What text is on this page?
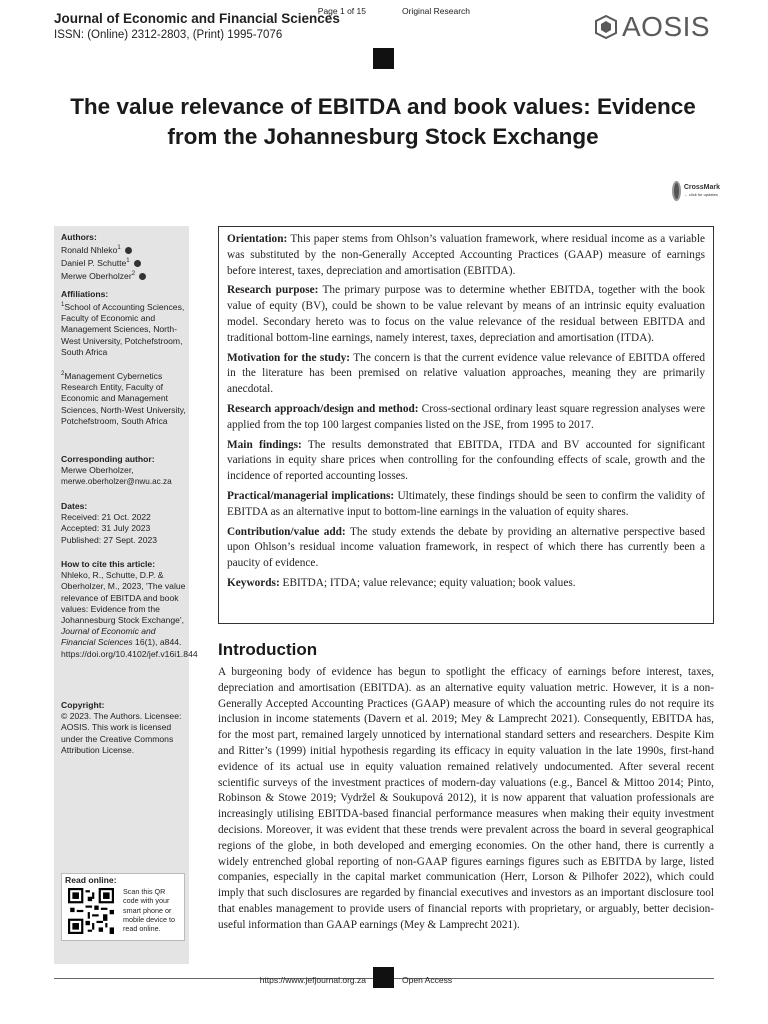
Journal of Economic and Financial Sciences
ISSN: (Online) 2312-2803, (Print) 1995-7076	AOSIS
Page 1 of 15	Original Research
The value relevance of EBITDA and book values: Evidence from the Johannesburg Stock Exchange
CrossMark
← click for updates
Authors:
Ronald Nhleko$^1$
Daniel P. Schutte$^1$
Merwe Oberholzer$^2$
Affiliations:
$^1$School of Accounting Sciences, Faculty of Economic and Management Sciences, North-West University, Potchefstroom, South Africa
$^2$Management Cybernetics Research Entity, Faculty of Economic and Management Sciences, North-West University, Potchefstroom, South Africa
Corresponding author:
Merwe Oberholzer,
merwe.oberholzer@nwu.ac.za
Dates:
Received: 21 Oct. 2022
Accepted: 31 July 2023
Published: 27 Sept. 2023
How to cite this article:
Nhleko, R., Schutte, D.P. & Oberholzer, M., 2023, 'The value relevance of EBITDA and book values: Evidence from the Johannesburg Stock Exchange', Journal of Economic and Financial Sciences 16(1), a844. https://doi.org/10.4102/jef.v16i1.844
Copyright:
© 2023. The Authors. Licensee: AOSIS. This work is licensed under the Creative Commons Attribution License.
Read online:
Scan this QR code with your smart phone or mobile device to read online.

Orientation: This paper stems from Ohlson’s valuation framework, where residual income as a variable was substituted by the non-Generally Accepted Accounting Practices (GAAP) measure of earnings before interest, taxes, depreciation and amortisation (EBITDA).

Research purpose: The primary purpose was to determine whether EBITDA, together with the book value of equity (BV), could be shown to be value relevant by means of an intrinsic equity evaluation model. Secondary hereto was to focus on the value relevance of the residual between EBITDA and traditional bottom-line earnings, namely interest, taxes, depreciation and amortisation (ITDA).

Motivation for the study: The concern is that the current evidence value relevance of EBITDA offered in the literature has been premised on relative valuation approaches, meaning they are primarily anecdotal.

Research approach/design and method: Cross-sectional ordinary least square regression analyses were applied from the top 100 largest companies listed on the JSE, from 1995 to 2017.

Main findings: The results demonstrated that EBITDA, ITDA and BV accounted for significant variations in equity share prices when controlling for the confounding effects of scale, growth and the incidence of reported accounting losses.

Practical/managerial implications: Ultimately, these findings should be seen to confirm the validity of EBITDA as an alternative input to bottom-line earnings in the valuation of equity shares.

Contribution/value add: The study extends the debate by providing an alternative perspective based upon Ohlson’s residual income valuation framework, in respect of which there has currently been a paucity of evidence.

Keywords: EBITDA; ITDA; value relevance; equity valuation; book values.

Introduction

A burgeoning body of evidence has begun to spotlight the efficacy of earnings before interest, taxes, depreciation and amortisation (EBITDA). as an alternative equity valuation metric. However, it is a non-Generally Accepted Accounting Practices (GAAP) measure of which the accounting rules do not require its inclusion in income statements (Davern et al. 2019; Mey & Lamprecht 2021). Consequently, EBITDA has, for the most part, remained largely unnoticed by international standard setters and researchers. Despite Kim and Ritter’s (1999) initial hypothesis regarding its efficacy in equity valuation in the late 1990s, first-hand evidence of its actual use in equity valuation remained relatively undocumented. After several recent scientific surveys of the investment practices of modern-day valuations (e.g., Bancel & Mittoo 2014; Pinto, Robinson & Stowe 2019; Vydržel & Soukupová 2012), it is now apparent that valuation professionals are increasingly utilising EBITDA-based financial performance measures when making their equity investment decisions. Moreover, it was evident that these trends were prevalent across the board in several geographical regions of the globe, in both developed and emerging economies. On the other hand, there is currently a widely entrenched global reporting of non-GAAP figures earnings figures such as EBITDA by large, listed companies, especially in the capital market communication (Herr, Lorson & Pilhofer 2022), which could imply that such disclosures are regarded by financial executives and investors as an important disclosure tool that enables management to provide users of financial reports with proprietary, or arguably, better decision-useful information than GAAP earnings (Mey & Lamprecht 2021).

https://www.jefjournal.org.za	Open Access
